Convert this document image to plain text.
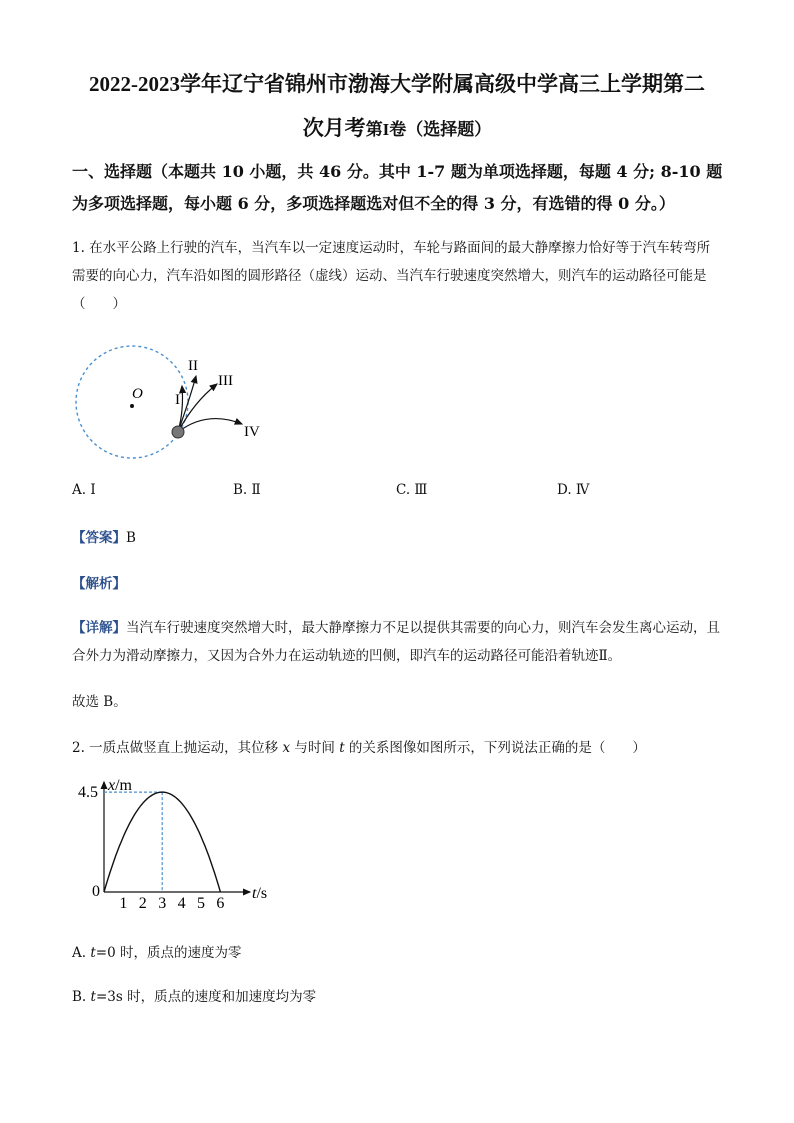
2022-2023学年辽宁省锦州市渤海大学附属高级中学高三上学期第二
次月考第I卷（选择题）
一、选择题（本题共 10 小题，共 46 分。其中 1-7 题为单项选择题，每题 4 分; 8-10 题为多项选择题，每小题 6 分，多项选择题选对但不全的得 3 分，有选错的得 0 分。）
1. 在水平公路上行驶的汽车，当汽车以一定速度运动时，车轮与路面间的最大静摩擦力恰好等于汽车转弯所需要的向心力，汽车沿如图的圆形路径（虚线）运动、当汽车行驶速度突然增大，则汽车的运动路径可能是 （　　）
O I
II
III
IV
A. Ⅰ	B. Ⅱ	C. Ⅲ	D. Ⅳ
【答案】B
【解析】
【详解】当汽车行驶速度突然增大时，最大静摩擦力不足以提供其需要的向心力，则汽车会发生离心运动，且合外力为滑动摩擦力，又因为合外力在运动轨迹的凹侧，即汽车的运动路径可能沿着轨迹Ⅱ。
故选 B。
2. 一质点做竖直上抛运动，其位移 x 与时间 t 的关系图像如图所示，下列说法正确的是（　　）
1 2 3 4 5 6
4.5
0
x/m
t/s
A. t=0 时，质点的速度为零
B. t=3s 时，质点的速度和加速度均为零
